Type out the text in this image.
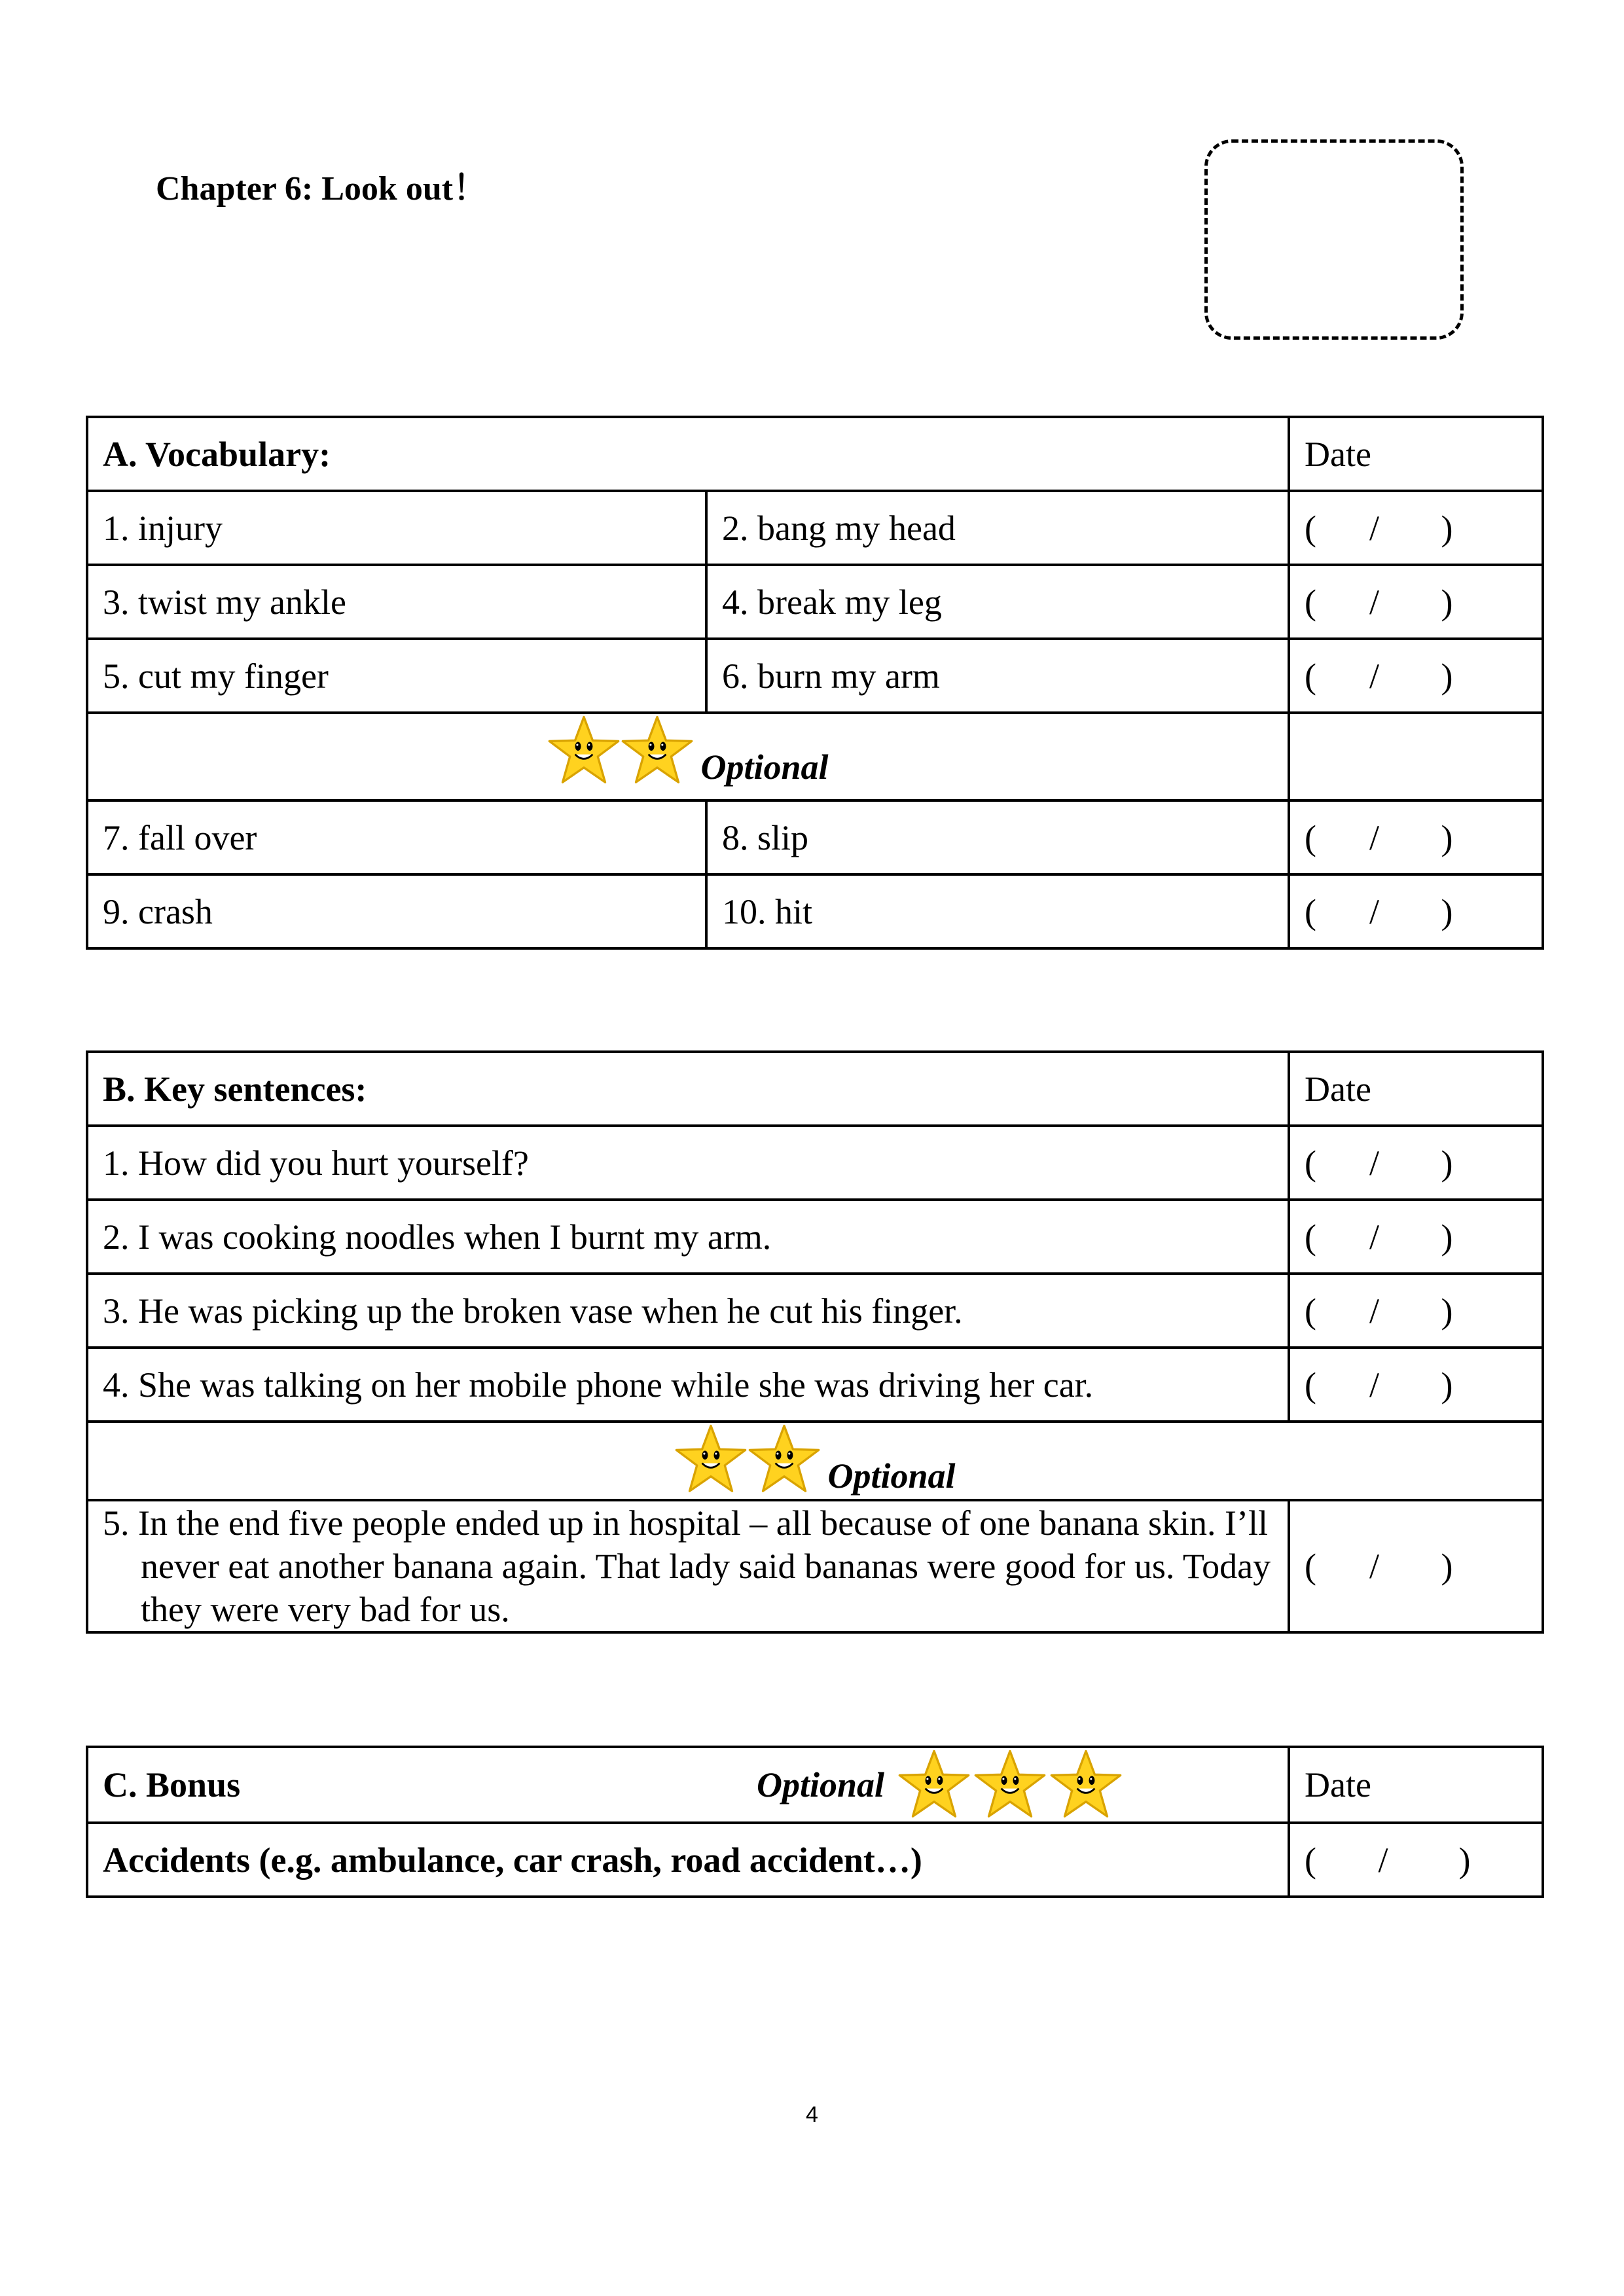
Chapter 6: Look out！
A. Vocabulary:		Date
1. injury	2. bang my head	( / )
3. twist my ankle	4. break my leg	( / )
5. cut my finger	6. burn my arm	( / )

Optional		

7. fall over	8. slip	( / )
9. crash	10. hit	( / )
B. Key sentences:	Date
1. How did you hurt yourself?	( / )
2. I was cooking noodles when I burnt my arm.	( / )
3. He was picking up the broken vase when he cut his finger.	( / )
4. She was talking on her mobile phone while she was driving her car.	( / )

Optional	

5. In the end five people ended up in hospital – all because of one banana skin. I’ll never eat another banana again. That lady said bananas were good for us. Today they were very bad for us.	( / )
C. Bonus Optional	Date
Accidents (e.g. ambulance, car crash, road accident…)	( / )
4
